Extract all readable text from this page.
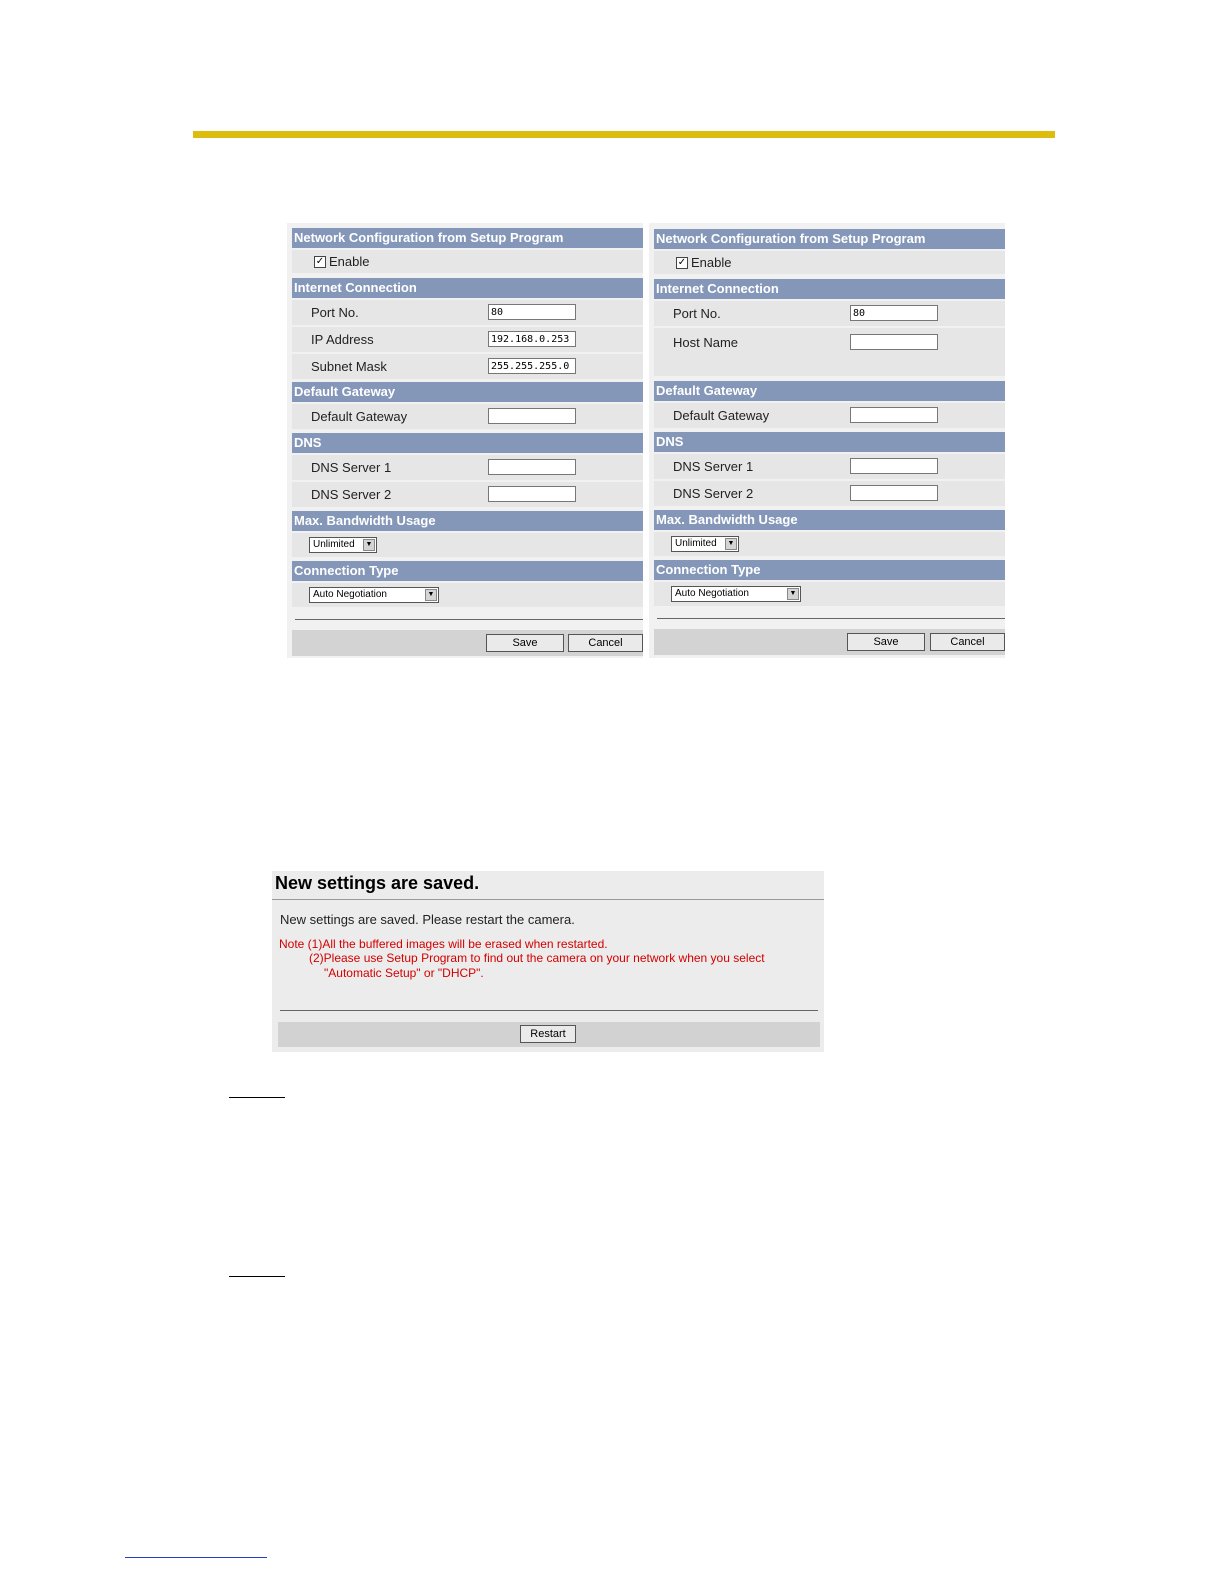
Network Configuration from Setup Program
✓ Enable
Internet Connection
Port No.	80
IP Address	192.168.0.253
Subnet Mask	255.255.255.0
Default Gateway
Default Gateway
DNS
DNS Server 1
DNS Server 2
Max. Bandwidth Usage
Unlimited	▼
Connection Type
Auto Negotiation	▼
Save	Cancel
Network Configuration from Setup Program
✓ Enable
Internet Connection
Port No.	80
Host Name
Default Gateway
Default Gateway
DNS
DNS Server 1
DNS Server 2
Max. Bandwidth Usage
Unlimited	▼
Connection Type
Auto Negotiation	▼
Save	Cancel
New settings are saved.
New settings are saved. Please restart the camera.
Note (1)All the buffered images will be erased when restarted.
(2)Please use Setup Program to find out the camera on your network when you select
"Automatic Setup" or "DHCP".
Restart
